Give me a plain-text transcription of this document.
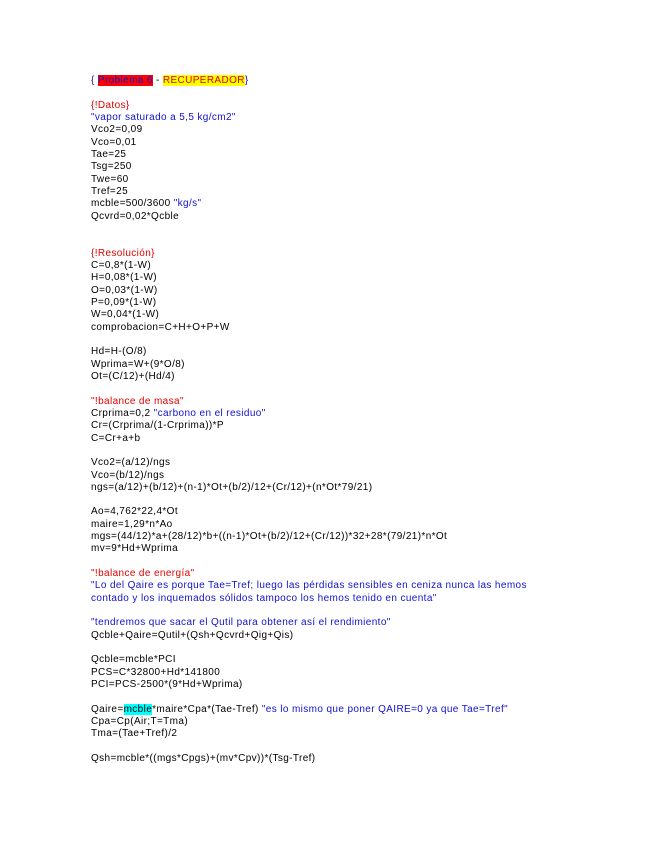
{ Problema 6 - RECUPERADOR}
{!Datos}
"vapor saturado a 5,5 kg/cm2"
Vco2=0,09
Vco=0,01
Tae=25
Tsg=250
Twe=60
Tref=25
mcble=500/3600 "kg/s"
Qcvrd=0,02*Qcble
{!Resolución}
C=0,8*(1-W)
H=0,08*(1-W)
O=0,03*(1-W)
P=0,09*(1-W)
W=0,04*(1-W)
comprobacion=C+H+O+P+W
Hd=H-(O/8)
Wprima=W+(9*O/8)
Ot=(C/12)+(Hd/4)
"!balance de masa"
Crprima=0,2 "carbono en el residuo"
Cr=(Crprima/(1-Crprima))*P
C=Cr+a+b
Vco2=(a/12)/ngs
Vco=(b/12)/ngs
ngs=(a/12)+(b/12)+(n-1)*Ot+(b/2)/12+(Cr/12)+(n*Ot*79/21)
Ao=4,762*22,4*Ot
maire=1,29*n*Ao
mgs=(44/12)*a+(28/12)*b+((n-1)*Ot+(b/2)/12+(Cr/12))*32+28*(79/21)*n*Ot
mv=9*Hd+Wprima
"!balance de energía"
"Lo del Qaire es porque Tae=Tref; luego las pérdidas sensibles en ceniza nunca las hemos
contado y los inquemados sólidos tampoco los hemos tenido en cuenta"
"tendremos que sacar el Qutil para obtener así el rendimiento"
Qcble+Qaire=Qutil+(Qsh+Qcvrd+Qig+Qis)
Qcble=mcble*PCI
PCS=C*32800+Hd*141800
PCI=PCS-2500*(9*Hd+Wprima)
Qaire=mcble*maire*Cpa*(Tae-Tref) "es lo mismo que poner QAIRE=0 ya que Tae=Tref"
Cpa=Cp(Air;T=Tma)
Tma=(Tae+Tref)/2
Qsh=mcble*((mgs*Cpgs)+(mv*Cpv))*(Tsg-Tref)
